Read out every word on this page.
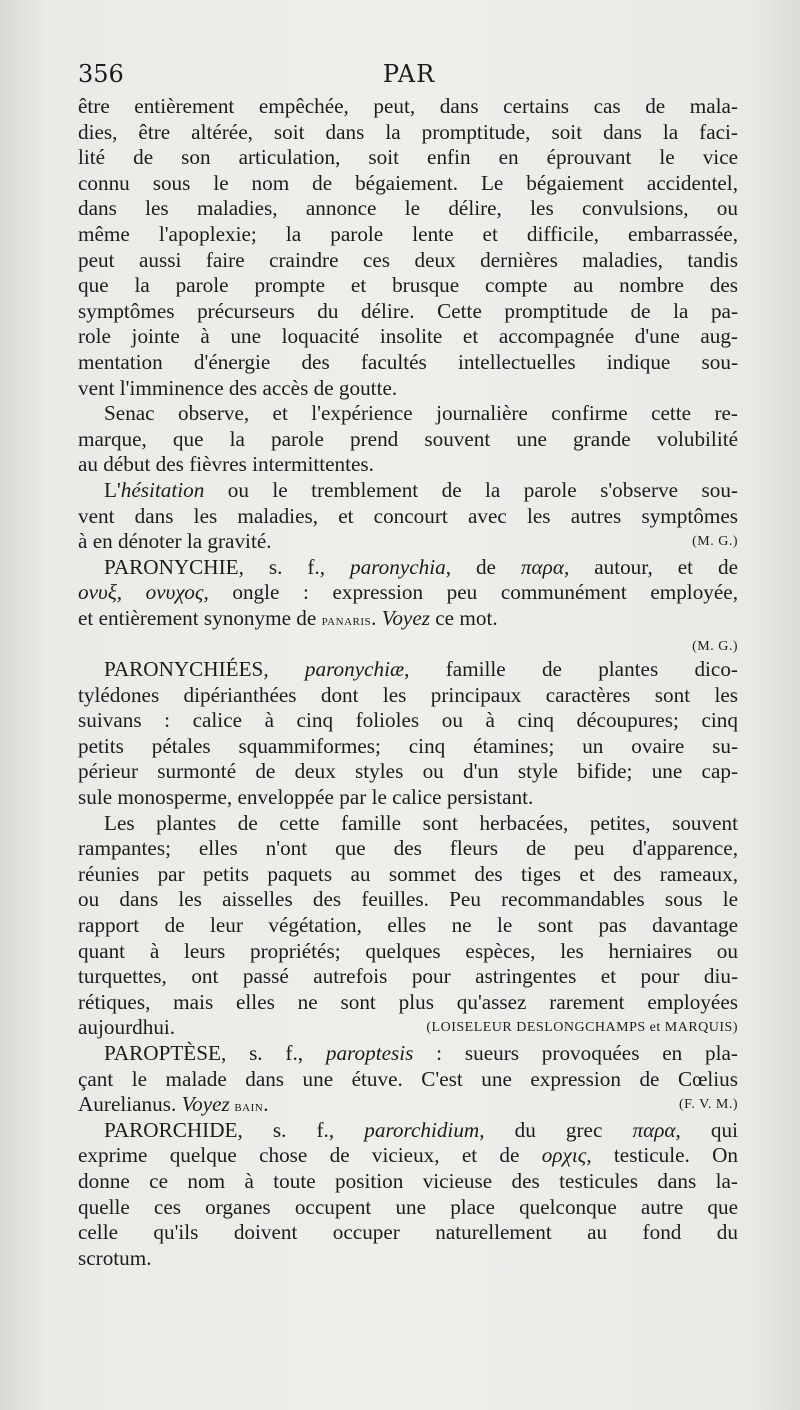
356	PAR
être entièrement empêchée, peut, dans certains cas de mala-
dies, être altérée, soit dans la promptitude, soit dans la faci-
lité de son articulation, soit enfin en éprouvant le vice
connu sous le nom de bégaiement. Le bégaiement accidentel,
dans les maladies, annonce le délire, les convulsions, ou
même l'apoplexie; la parole lente et difficile, embarrassée,
peut aussi faire craindre ces deux dernières maladies, tandis
que la parole prompte et brusque compte au nombre des
symptômes précurseurs du délire. Cette promptitude de la pa-
role jointe à une loquacité insolite et accompagnée d'une aug-
mentation d'énergie des facultés intellectuelles indique sou-
vent l'imminence des accès de goutte.
Senac observe, et l'expérience journalière confirme cette re-
marque, que la parole prend souvent une grande volubilité
au début des fièvres intermittentes.
L'hésitation ou le tremblement de la parole s'observe sou-
vent dans les maladies, et concourt avec les autres symptômes
à en dénoter la gravité.	(M. G.)
PARONYCHIE, s. f., paronychia, de παρα, autour, et de
ονυξ, ονυχος, ongle : expression peu communément employée,
et entièrement synonyme de panaris. Voyez ce mot.
(M. G.)
PARONYCHIÉES, paronychiæ, famille de plantes dico-
tylédones dipérianthées dont les principaux caractères sont les
suivans : calice à cinq folioles ou à cinq découpures; cinq
petits pétales squammiformes; cinq étamines; un ovaire su-
périeur surmonté de deux styles ou d'un style bifide; une cap-
sule monosperme, enveloppée par le calice persistant.
Les plantes de cette famille sont herbacées, petites, souvent
rampantes; elles n'ont que des fleurs de peu d'apparence,
réunies par petits paquets au sommet des tiges et des rameaux,
ou dans les aisselles des feuilles. Peu recommandables sous le
rapport de leur végétation, elles ne le sont pas davantage
quant à leurs propriétés; quelques espèces, les herniaires ou
turquettes, ont passé autrefois pour astringentes et pour diu-
rétiques, mais elles ne sont plus qu'assez rarement employées
aujourdhui.	(LOISELEUR DESLONGCHAMPS et MARQUIS)
PAROPTÈSE, s. f., paroptesis : sueurs provoquées en pla-
çant le malade dans une étuve. C'est une expression de Cœlius
Aurelianus. Voyez bain.	(F. V. M.)
PARORCHIDE, s. f., parorchidium, du grec παρα, qui
exprime quelque chose de vicieux, et de ορχις, testicule. On
donne ce nom à toute position vicieuse des testicules dans la-
quelle ces organes occupent une place quelconque autre que
celle qu'ils doivent occuper naturellement au fond du
scrotum.
